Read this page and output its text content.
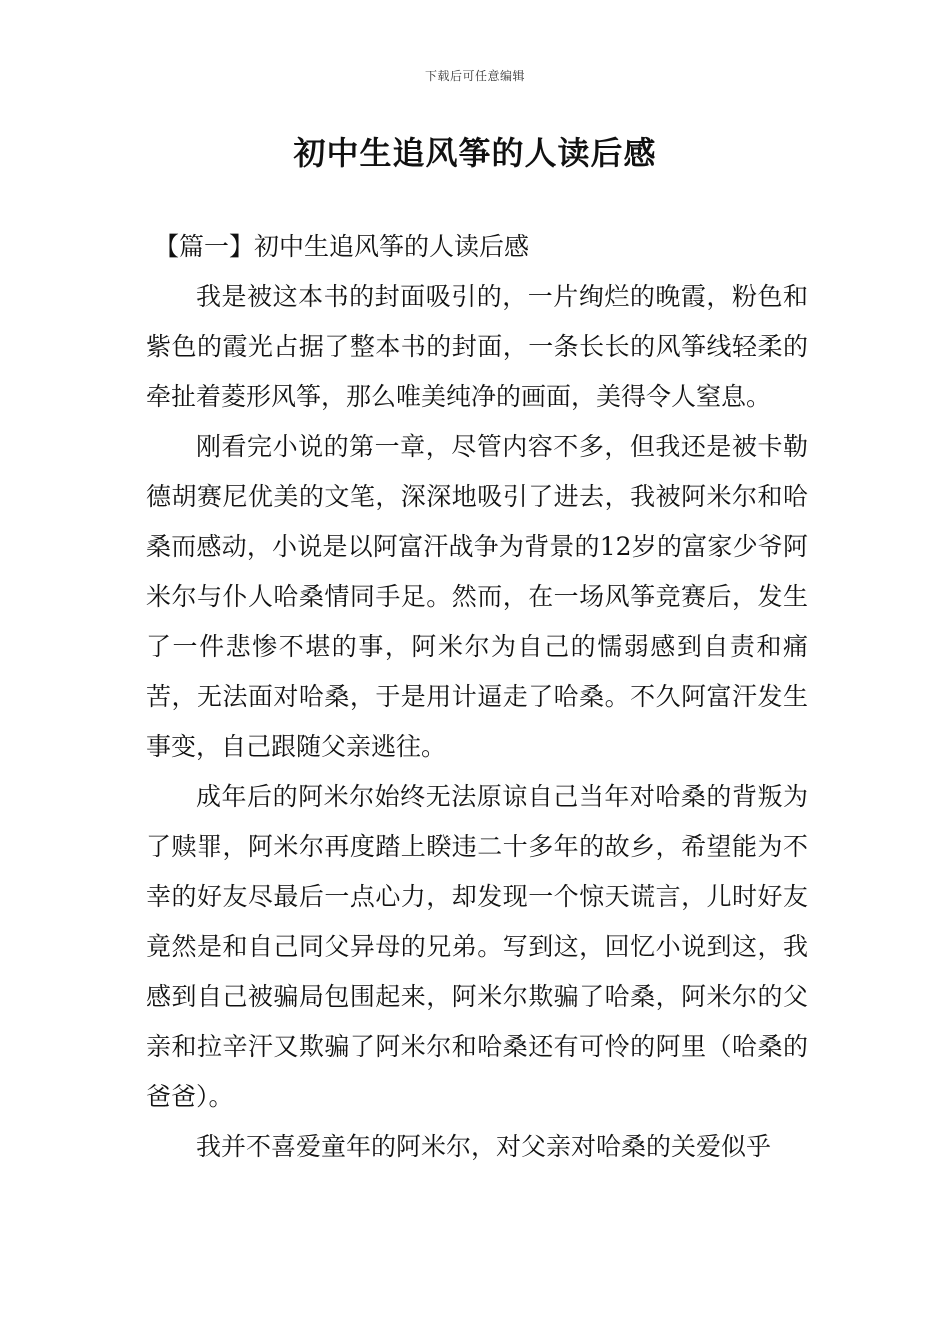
下载后可任意编辑
初中生追风筝的人读后感

【篇一】初中生追风筝的人读后感

我是被这本书的封面吸引的，一片绚烂的晚霞，粉色和紫色的霞光占据了整本书的封面，一条长长的风筝线轻柔的牵扯着菱形风筝，那么唯美纯净的画面，美得令人窒息。

刚看完小说的第一章，尽管内容不多，但我还是被卡勒德胡赛尼优美的文笔，深深地吸引了进去，我被阿米尔和哈桑而感动，小说是以阿富汗战争为背景的12岁的富家少爷阿米尔与仆人哈桑情同手足。然而，在一场风筝竞赛后，发生了一件悲惨不堪的事，阿米尔为自己的懦弱感到自责和痛苦，无法面对哈桑，于是用计逼走了哈桑。不久阿富汗发生事变，自己跟随父亲逃往。

成年后的阿米尔始终无法原谅自己当年对哈桑的背叛为了赎罪，阿米尔再度踏上睽违二十多年的故乡，希望能为不幸的好友尽最后一点心力，却发现一个惊天谎言，儿时好友竟然是和自己同父异母的兄弟。写到这，回忆小说到这，我感到自己被骗局包围起来，阿米尔欺骗了哈桑，阿米尔的父亲和拉辛汗又欺骗了阿米尔和哈桑还有可怜的阿里（哈桑的爸爸）。

我并不喜爱童年的阿米尔，对父亲对哈桑的关爱似乎
